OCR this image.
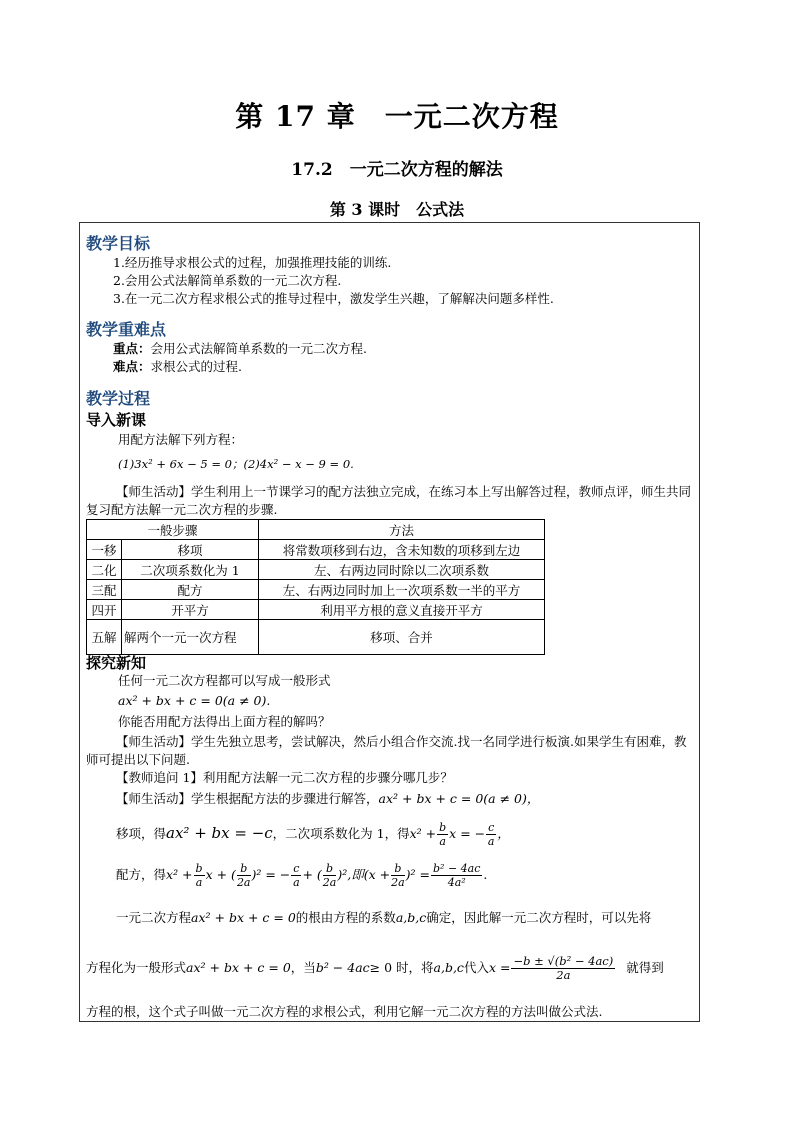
第 17 章　一元二次方程
17.2　一元二次方程的解法
第 3 课时　公式法
教学目标
1.经历推导求根公式的过程，加强推理技能的训练.
2.会用公式法解简单系数的一元二次方程.
3.在一元二次方程求根公式的推导过程中，激发学生兴趣，了解解决问题多样性.
教学重难点
重点：会用公式法解简单系数的一元二次方程.
难点：求根公式的过程.
教学过程
导入新课
用配方法解下列方程：
(1)3x² + 6x − 5 = 0；(2)4x² − x − 9 = 0.
【师生活动】学生利用上一节课学习的配方法独立完成，在练习本上写出解答过程，教师点评，师生共同复习配方法解一元二次方程的步骤.
一般步骤		方法
一移	移项	将常数项移到右边，含未知数的项移到左边
二化	二次项系数化为 1	左、右两边同时除以二次项系数
三配	配方	左、右两边同时加上一次项系数一半的平方
四开	开平方	利用平方根的意义直接开平方
五解	解两个一元一次方程	移项、合并
探究新知
任何一元二次方程都可以写成一般形式
ax² + bx + c = 0(a ≠ 0).
你能否用配方法得出上面方程的解吗？
【师生活动】学生先独立思考，尝试解决，然后小组合作交流.找一名同学进行板演.如果学生有困难，教师可提出以下问题.
【教师追问 1】利用配方法解一元二次方程的步骤分哪几步？
【师生活动】学生根据配方法的步骤进行解答，ax² + bx + c = 0(a ≠ 0)，
移项，得ax² + bx = −c，二次项系数化为 1，得$x^2 + \frac{b}{a}$ x = − $\frac{c}{a}$ ，
配方，得$x^2 + \frac{b}{a}$ x + ( $\frac{b}{2a} )^2$ = − $\frac{c}{a}$ + ( $\frac{b}{2a} )^2$,即$(x + \frac{b}{2a} )^2 = \frac{\text{b² − 4ac}}{\text{4a²}}$ .
一元二次方程ax² + bx + c = 0的根由方程的系数a,b,c确定，因此解一元二次方程时，可以先将
方程化为一般形式ax² + bx + c = 0，当b² − 4ac≥ 0 时，将a,b,c代入$x = \frac{\text{−b ± √(b² − 4ac)}}{2a}$ 就得到
方程的根，这个式子叫做一元二次方程的求根公式，利用它解一元二次方程的方法叫做公式法.
